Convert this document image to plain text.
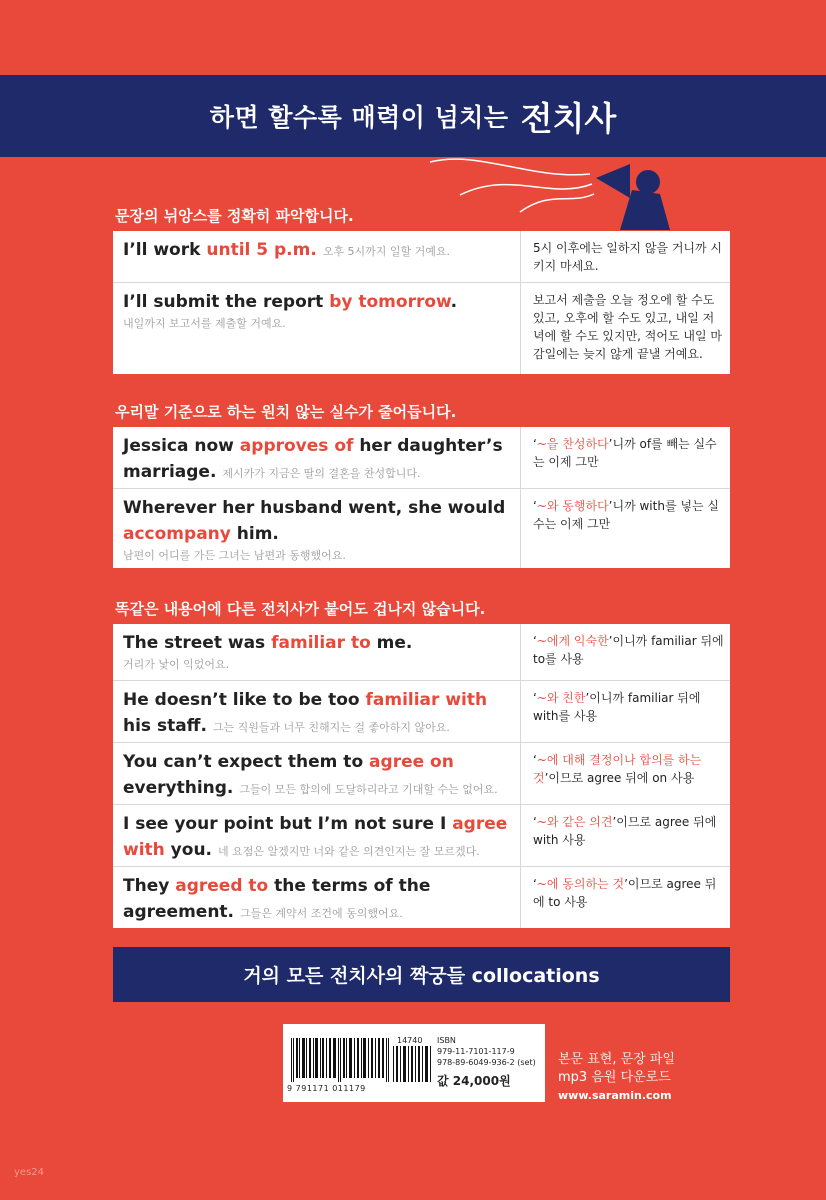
하면 할수록 매력이 넘치는 전치사
문장의 뉘앙스를 정확히 파악합니다.
I’ll work until 5 p.m. 오후 5시까지 일할 거예요.	5시 이후에는 일하지 않을 거니까 시키지 마세요.
I’ll submit the report by tomorrow.
내일까지 보고서를 제출할 거예요.
보고서 제출을 오늘 정오에 할 수도 있고, 오후에 할 수도 있고, 내일 저녁에 할 수도 있지만, 적어도 내일 마감일에는 늦지 않게 끝낼 거예요.
우리말 기준으로 하는 원치 않는 실수가 줄어듭니다.
Jessica now approves of her daughter’s marriage. 제시카가 지금은 딸의 결혼을 찬성합니다.
‘~을 찬성하다’니까 of를 빼는 실수는 이제 그만
Wherever her husband went, she would accompany him.
남편이 어디를 가든 그녀는 남편과 동행했어요.
‘~와 동행하다’니까 with를 넣는 실수는 이제 그만
똑같은 내용어에 다른 전치사가 붙어도 겁나지 않습니다.
The street was familiar to me.
거리가 낯이 익었어요.
‘~에게 익숙한’이니까 familiar 뒤에 to를 사용
He doesn’t like to be too familiar with his staff. 그는 직원들과 너무 친해지는 걸 좋아하지 않아요.
‘~와 친한’이니까 familiar 뒤에 with를 사용
You can’t expect them to agree on everything. 그들이 모든 합의에 도달하리라고 기대할 수는 없어요.
‘~에 대해 결정이나 합의를 하는 것’이므로 agree 뒤에 on 사용
I see your point but I’m not sure I agree with you. 네 요점은 알겠지만 너와 같은 의견인지는 잘 모르겠다.
‘~와 같은 의견’이므로 agree 뒤에 with 사용
They agreed to the terms of the agreement. 그들은 계약서 조건에 동의했어요.
‘~에 동의하는 것’이므로 agree 뒤에 to 사용
거의 모든 전치사의 짝궁들 collocations
9 791171 011179
14740 ISBN
979-11-7101-117-9
978-89-6049-936-2 (set)
값 24,000원
본문 표현, 문장 파일
mp3 음원 다운로드
www.saramin.com
yes24
